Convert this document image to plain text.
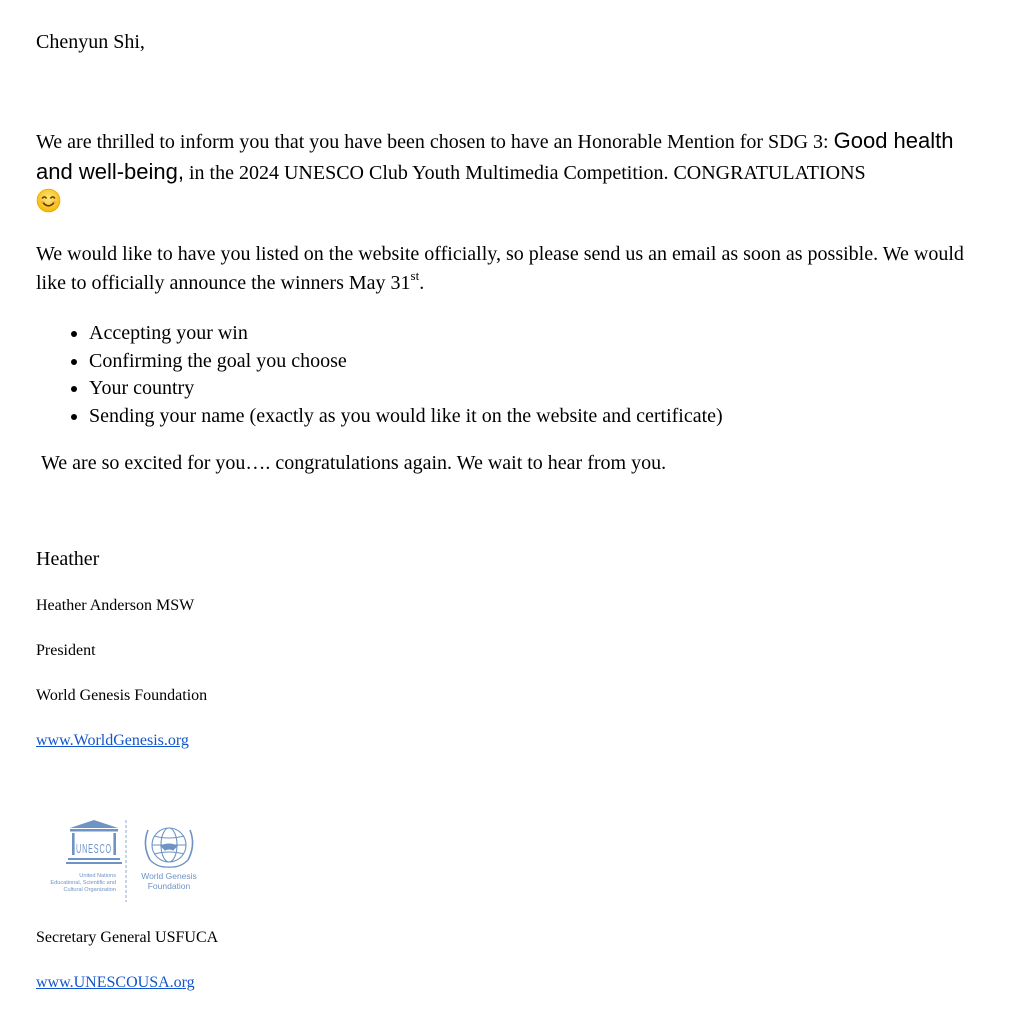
Chenyun Shi,
We are thrilled to inform you that you have been chosen to have an Honorable Mention for SDG 3: Good health and well-being, in the 2024 UNESCO Club Youth Multimedia Competition. CONGRATULATIONS

We would like to have you listed on the website officially, so please send us an email as soon as possible. We would like to officially announce the winners May 31st.
• Accepting your win
• Confirming the goal you choose
• Your country
• Sending your name (exactly as you would like it on the website and certificate)
We are so excited for you…. congratulations again. We wait to hear from you.
Heather
Heather Anderson MSW
President
World Genesis Foundation
www.WorldGenesis.org
UNESCO
United Nations
Educational, Scientific and
Cultural Organization
World Genesis
Foundation
Secretary General USFUCA
www.UNESCOUSA.org
